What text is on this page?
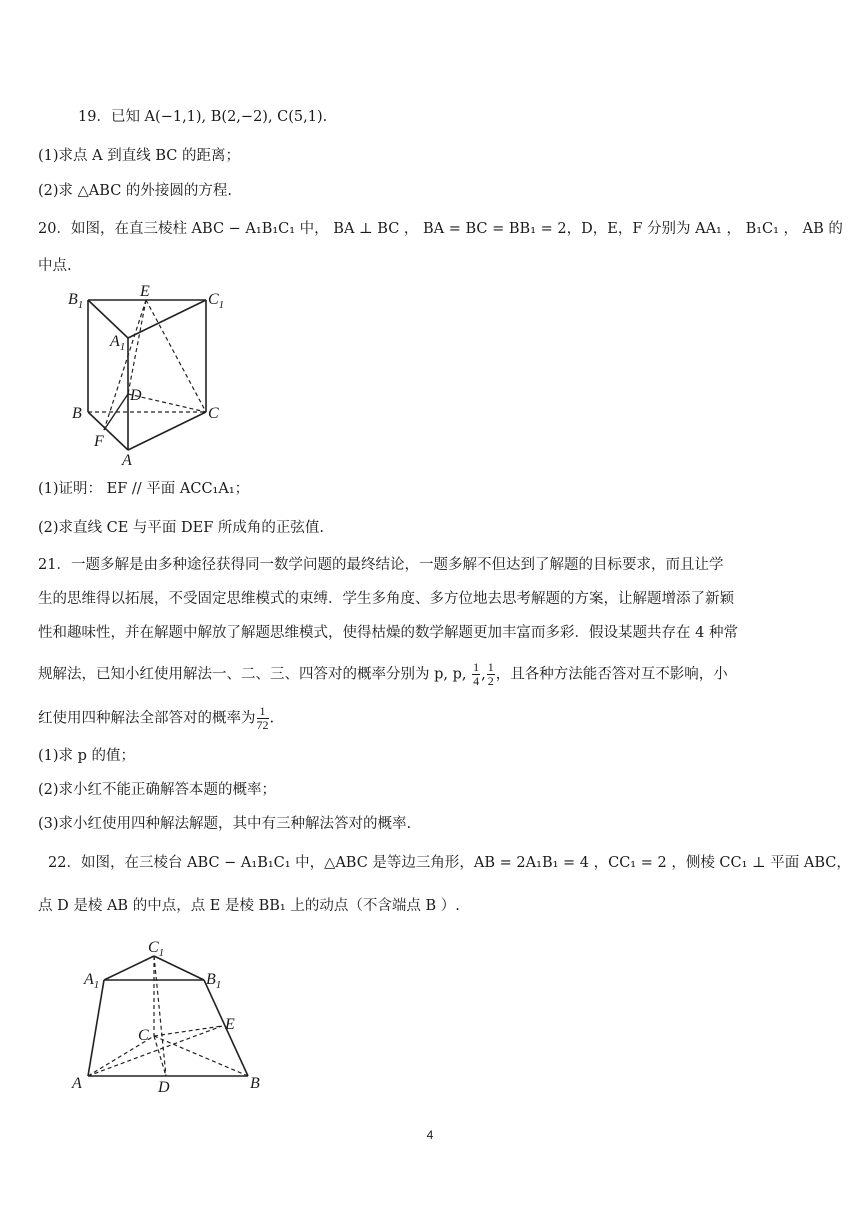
19．已知 A(−1,1), B(2,−2), C(5,1).
(1)求点 A 到直线 BC 的距离；
(2)求 △ABC 的外接圆的方程.
20．如图，在直三棱柱 ABC − A₁B₁C₁ 中， BA ⊥ BC ， BA = BC = BB₁ = 2，D，E，F 分别为 AA₁ ， B₁C₁ ， AB 的
中点.
$B_1$
E	$C_1$
$A_1$
D
B	C
F
A
(1)证明： EF // 平面 ACC₁A₁；
(2)求直线 CE 与平面 DEF 所成角的正弦值.
21．一题多解是由多种途径获得同一数学问题的最终结论，一题多解不但达到了解题的目标要求，而且让学
生的思维得以拓展，不受固定思维模式的束缚．学生多角度、多方位地去思考解题的方案，让解题增添了新颖
性和趣味性，并在解题中解放了解题思维模式，使得枯燥的数学解题更加丰富而多彩．假设某题共存在 4 种常
规解法，已知小红使用解法一、二、三、四答对的概率分别为 p, p, $\frac{1}{4}$ , $\frac{1}{2}$ ，且各种方法能否答对互不影响，小
红使用四种解法全部答对的概率为 $\frac{1}{72}$ .
(1)求 p 的值；
(2)求小红不能正确解答本题的概率；
(3)求小红使用四种解法解题，其中有三种解法答对的概率.
22．如图，在三棱台 ABC − A₁B₁C₁ 中，△ABC 是等边三角形，AB = 2A₁B₁ = 4 ，CC₁ = 2 ，侧棱 CC₁ ⊥ 平面 ABC，
点 D 是棱 AB 的中点，点 E 是棱 BB₁ 上的动点（不含端点 B ）.
$C_1$
$A_1$	$B_1$
C
E
A	D	B
4
